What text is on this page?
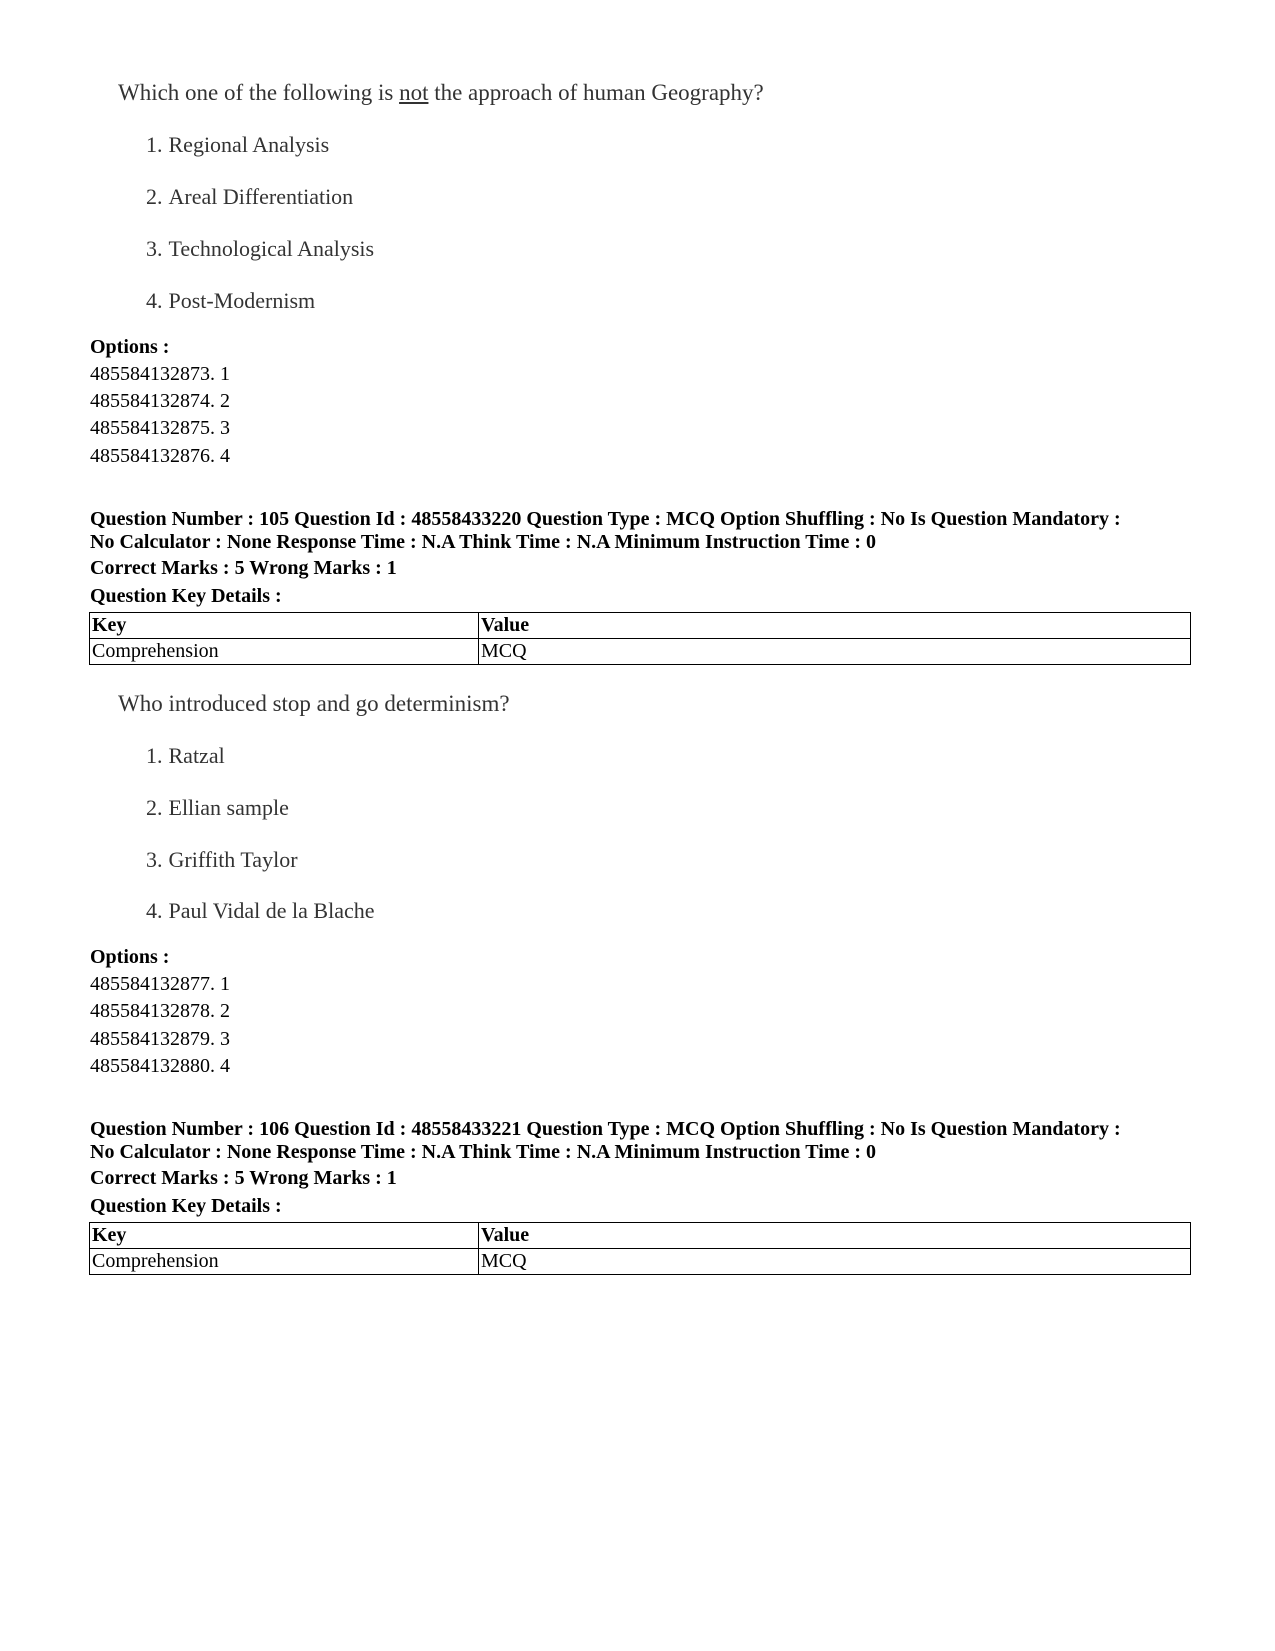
Which one of the following is not the approach of human Geography?
1. Regional Analysis
2. Areal Differentiation
3. Technological Analysis
4. Post-Modernism
Options :
485584132873. 1
485584132874. 2
485584132875. 3
485584132876. 4
Question Number : 105 Question Id : 48558433220 Question Type : MCQ Option Shuffling : No Is Question Mandatory :
No Calculator : None Response Time : N.A Think Time : N.A Minimum Instruction Time : 0
Correct Marks : 5 Wrong Marks : 1
Question Key Details :
Key	Value
Comprehension	MCQ
Who introduced stop and go determinism?
1. Ratzal
2. Ellian sample
3. Griffith Taylor
4. Paul Vidal de la Blache
Options :
485584132877. 1
485584132878. 2
485584132879. 3
485584132880. 4
Question Number : 106 Question Id : 48558433221 Question Type : MCQ Option Shuffling : No Is Question Mandatory :
No Calculator : None Response Time : N.A Think Time : N.A Minimum Instruction Time : 0
Correct Marks : 5 Wrong Marks : 1
Question Key Details :
Key	Value
Comprehension	MCQ
